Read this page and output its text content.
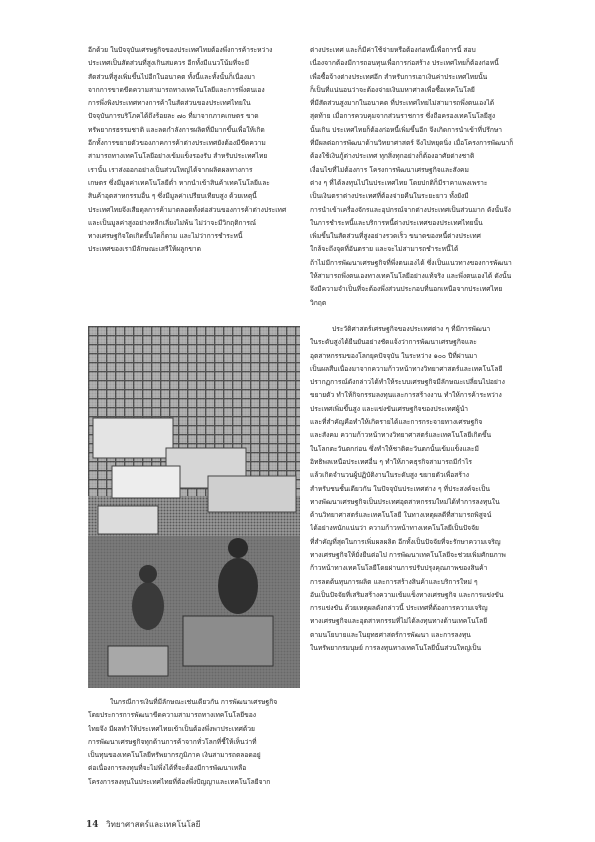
อีกด้วย ในปัจจุบันเศรษฐกิจของประเทศไทยต้องพึ่งการค้าระหว่าง
ประเทศเป็นสัดส่วนที่สูงเกินสมควร อีกทั้งมีแนวโน้มที่จะมี
สัดส่วนที่สูงเพิ่มขึ้นไปอีกในอนาคต ทั้งนี้และทั้งนั้นก็เนื่องมา
จากการขาดขีดความสามารถทางเทคโนโลยีและการพึ่งตนเอง
การพึ่งพิงประเทศทางการค้าในสัดส่วนของประเทศไทยใน
ปัจจุบันการบริโภคได้ถึงร้อยละ ๗๐ ที่มาจากภาคเกษตร ขาด
ทรัพยากรธรรมชาติ และลดกำลังการผลิตที่มีมากขึ้นเพื่อให้เกิด
อีกทั้งการขยายตัวของภาคการค้าต่างประเทศยังต้องมีขีดความ
สามารถทางเทคโนโลยีอย่างเข้มแข็งรองรับ สำหรับประเทศไทย
เรานั้น เราส่งออกอย่างเป็นส่วนใหญ่ได้จากผลิตผลทางการ
เกษตร ซึ่งมีมูลค่าเทคโนโลยีต่ำ หากนำเข้าสินค้าเทคโนโลยีและ
สินค้าอุตสาหกรรมอื่น ๆ ซึ่งมีมูลค่าเปรียบเทียบสูง ด้วยเหตุนี้
ประเทศไทยจึงเสียดุลการค้ามาตลอดทั้งต่อส่วนของการค้าต่างประเทศ
และเป็นมูลค่าสูงอย่างหลีกเลี่ยงไม่พ้น ไม่ว่าจะมีวิกฤติการณ์
ทางเศรษฐกิจใดเกิดขึ้นใดก็ตาม และไม่ว่าการชำระหนี้
ประเทศของเรามีลักษณะเสรีให้ผลูกขาด
ในกรณีการเงินที่มีลักษณะเช่นเดียวกัน การพัฒนาเศรษฐกิจ
โดยประการการพัฒนาขีดความสามารถทางเทคโนโลยีของ
ไทยจึง มีผลทำให้ประเทศไทยเข้าเป็นต้องพึ่งพาประเทศด้วย
การพัฒนาเศรษฐกิจทุกด้านการค้าจากทั่วโลกที่ชี้ให้เห็นว่าที่
เป็นทุนของเทคโนโลยีทรัพยากรภูมิภาค เงินสามารถตลอดอยู่
ต่อเนื่องการลงทุนที่จะไม่พึ่งได้ที่จะต้องมีการพัฒนาเหลือ
โครงการลงทุนในประเทศไทยที่ต้องพึ่งปัญญาและเทคโนโลยีจาก
ต่างประเทศ และก็มีค่าใช้จ่ายหรือต้องก่อหนี้เพื่อการนี้ สอบ
เนื่องจากต้องมีการถอนทุนเพื่อการก่อสร้าง ประเทศไทยก็ต้องก่อหนี้
เพื่อซื้อจ้างต่างประเทศอีก สำหรับการเอาเงินค่าประเทศไทยนั้น
ก็เป็นที่แน่นอนว่าจะต้องจ่ายเงินมหาศาลเพื่อซื้อเทคโนโลยี
ที่มีสัดส่วนสูงมากในอนาคต ที่ประเทศไทยไม่สามารถพึ่งตนเองได้
สุดท้าย เมื่อการควบคุมจากส่วนราชการ ซึ่งถือครองเทคโนโลยีสูง
นั้นเกิน ประเทศไทยก็ต้องก่อหนี้เพิ่มขึ้นอีก จึงเกิดการนำเข้าที่ปรึกษา
ที่มีผลต่อการพัฒนาด้านวิทยาศาสตร์ จึงไปหยุดนิ่ง เมื่อโครงการพัฒนาก็
ต้องใช้เงินกู้ต่างประเทศ ทุกสิ่งทุกอย่างก็ต้องอาศัยต่างชาติ
เงื่อนไขที่ไม่ต้องการ โครงการพัฒนาเศรษฐกิจและสังคม
ต่าง ๆ ที่ได้ลงทุนไปในประเทศไทย โดยปกติก็มีราคาแพงเพราะ
เป็นเงินตราต่างประเทศที่ต้องจ่ายคืนในระยะยาว ทั้งยังมี
การนำเข้าเครื่องจักรและอุปกรณ์จากต่างประเทศเป็นส่วนมาก ดังนั้นจึง
ในการชำระหนี้และบริการหนี้ต่างประเทศของประเทศไทยนั้น
เพิ่มขึ้นในสัดส่วนที่สูงอย่างรวดเร็ว ขนาดของหนี้ต่างประเทศ
ใกล้จะถึงจุดที่อันตราย และจะไม่สามารถชำระหนี้ได้
ถ้าไม่มีการพัฒนาเศรษฐกิจที่พึ่งตนเองได้ ซึ่งเป็นแนวทางของการพัฒนา
ให้สามารถพึ่งตนเองทางเทคโนโลยีอย่างแท้จริง และพึ่งตนเองได้ ดังนั้น
จึงมีความจำเป็นที่จะต้องพึ่งส่วนประกอบที่นอกเหนือจากประเทศไทย
วิกฤต
ประวัติศาสตร์เศรษฐกิจของประเทศต่าง ๆ ที่มีการพัฒนา
ในระดับสูงได้ยืนยันอย่างชัดแจ้งว่าการพัฒนาเศรษฐกิจและ
อุตสาหกรรมของโลกยุคปัจจุบัน ในระหว่าง ๑๐๐ ปีที่ผ่านมา
เป็นผลสืบเนื่องมาจากความก้าวหน้าทางวิทยาศาสตร์และเทคโนโลยี
ปรากฏการณ์ดังกล่าวได้ทำให้ระบบเศรษฐกิจมีลักษณะเปลี่ยนไปอย่าง
ขยายตัว ทำให้กิจกรรมลงทุนและการสร้างงาน ทำให้การค้าระหว่าง
ประเทศเพิ่มขึ้นสูง และแข่งขันเศรษฐกิจของประเทศผู้นำ
และที่สำคัญคือทำให้เกิดรายได้และการกระจายทางเศรษฐกิจ
และสังคม ความก้าวหน้าทางวิทยาศาสตร์และเทคโนโลยีเกิดขึ้น
ในโลกตะวันตกก่อน ซึ่งทำให้ชาติตะวันตกนั้นเข้มแข็งและมี
อิทธิพลเหนือประเทศอื่น ๆ ทำให้ภาคธุรกิจสามารถมีกำไร
แล้วเกิดจำนวนผู้ปฏิบัติงานในระดับสูง ขยายตัวเพื่อสร้าง
สำหรับชนชั้นเดียวกัน ในปัจจุบันประเทศต่าง ๆ ที่ประสงค์จะเป็น
ทางพัฒนาเศรษฐกิจเป็นประเทศอุตสาหกรรมใหม่ได้ทำการลงทุนใน
ด้านวิทยาศาสตร์และเทคโนโลยี ในทางเหตุผลดีที่สามารถพิสูจน์
ได้อย่างหนักแน่นว่า ความก้าวหน้าทางเทคโนโลยีเป็นปัจจัย
ที่สำคัญที่สุดในการเพิ่มผลผลิต อีกทั้งเป็นปัจจัยที่จะรักษาความเจริญ
ทางเศรษฐกิจให้ยั่งยืนต่อไป การพัฒนาเทคโนโลยีจะช่วยเพิ่มศักยภาพ
ก้าวหน้าทางเทคโนโลยีโดยผ่านการปรับปรุงคุณภาพของสินค้า
การลดต้นทุนการผลิต และการสร้างสินค้าและบริการใหม่ ๆ
อันเป็นปัจจัยที่เสริมสร้างความเข้มแข็งทางเศรษฐกิจ และการแข่งขัน
การแข่งขัน ด้วยเหตุผลดังกล่าวนี้ ประเทศที่ต้องการความเจริญ
ทางเศรษฐกิจและอุตสาหกรรมที่ไม่ได้ลงทุนทางด้านเทคโนโลยี
ตามนโยบายและในยุทธศาสตร์การพัฒนา และการลงทุน
ในทรัพยากรมนุษย์ การลงทุนทางเทคโนโลยีนั้นส่วนใหญ่เป็น
14 วิทยาศาสตร์และเทคโนโลยี
